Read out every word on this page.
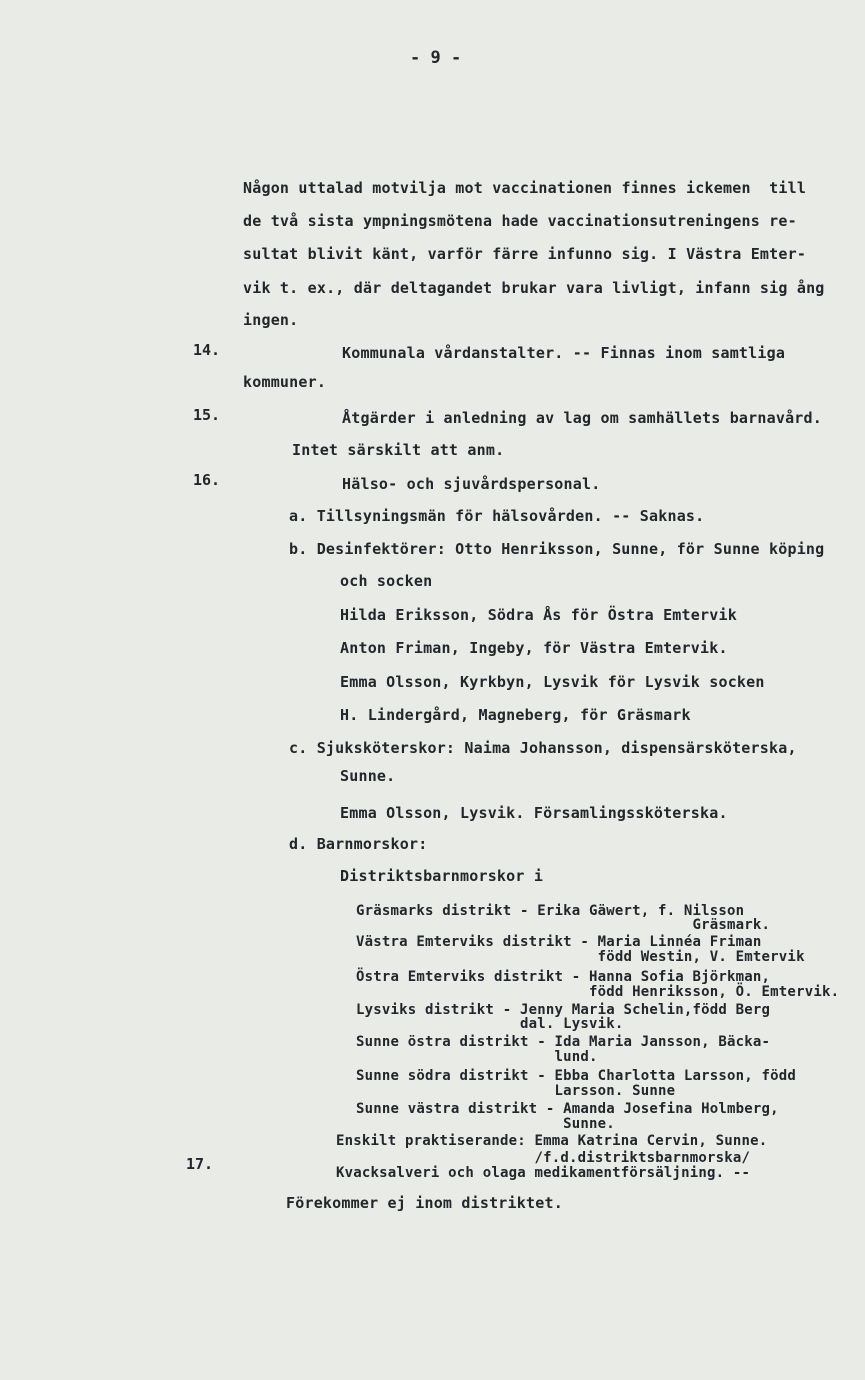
- 9 -
Någon uttalad motvilja mot vaccinationen finnes ickemen  till
de två sista ympningsmötena hade vaccinationsutreningens re-
sultat blivit känt, varför färre infunno sig. I Västra Emter-
vik t. ex., där deltagandet brukar vara livligt, infann sig ång
ingen.
14.	Kommunala vårdanstalter. -- Finnas inom samtliga
kommuner.
15.	Åtgärder i anledning av lag om samhällets barnavård.
Intet särskilt att anm.
16.	Hälso- och sjuvårdspersonal.
a. Tillsyningsmän för hälsovården. -- Saknas.
b. Desinfektörer: Otto Henriksson, Sunne, för Sunne köping
och socken
Hilda Eriksson, Södra Ås för Östra Emtervik
Anton Friman, Ingeby, för Västra Emtervik.
Emma Olsson, Kyrkbyn, Lysvik för Lysvik socken
H. Lindergård, Magneberg, för Gräsmark
c. Sjuksköterskor: Naima Johansson, dispensärsköterska,
Sunne.
Emma Olsson, Lysvik. Församlingssköterska.
d. Barnmorskor:
Distriktsbarnmorskor i
Gräsmarks distrikt - Erika Gäwert, f. Nilsson
Gräsmark.
Västra Emterviks distrikt - Maria Linnéa Friman
född Westin, V. Emtervik
Östra Emterviks distrikt - Hanna Sofia Björkman,
född Henriksson, Ö. Emtervik.
Lysviks distrikt - Jenny Maria Schelin,född Berg
dal. Lysvik.
Sunne östra distrikt - Ida Maria Jansson, Bäcka-
lund.
Sunne södra distrikt - Ebba Charlotta Larsson, född
Larsson. Sunne
Sunne västra distrikt - Amanda Josefina Holmberg,
Sunne.
Enskilt praktiserande: Emma Katrina Cervin, Sunne.
/f.d.distriktsbarnmorska/
17.	Kvacksalveri och olaga medikamentförsäljning. --
Förekommer ej inom distriktet.
